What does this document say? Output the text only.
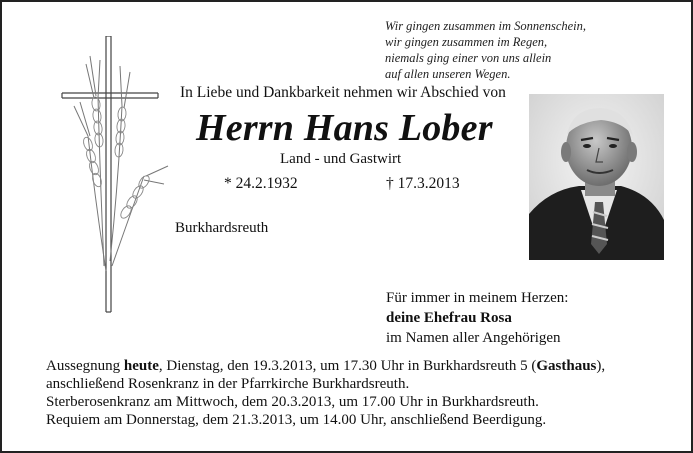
Wir gingen zusammen im Sonnenschein,
wir gingen zusammen im Regen,
niemals ging einer von uns allein
auf allen unseren Wegen.
In Liebe und Dankbarkeit nehmen wir Abschied von
Herrn Hans Lober
Land - und Gastwirt
* 24.2.1932	† 17.3.2013
Burkhardsreuth
Für immer in meinem Herzen:
deine Ehefrau Rosa
im Namen aller Angehörigen
Aussegnung heute, Dienstag, den 19.3.2013, um 17.30 Uhr in Burkhardsreuth 5 (Gasthaus),
anschließend Rosenkranz in der Pfarrkirche Burkhardsreuth.
Sterberosenkranz am Mittwoch, dem 20.3.2013, um 17.00 Uhr in Burkhardsreuth.
Requiem am Donnerstag, dem 21.3.2013, um 14.00 Uhr, anschließend Beerdigung.
